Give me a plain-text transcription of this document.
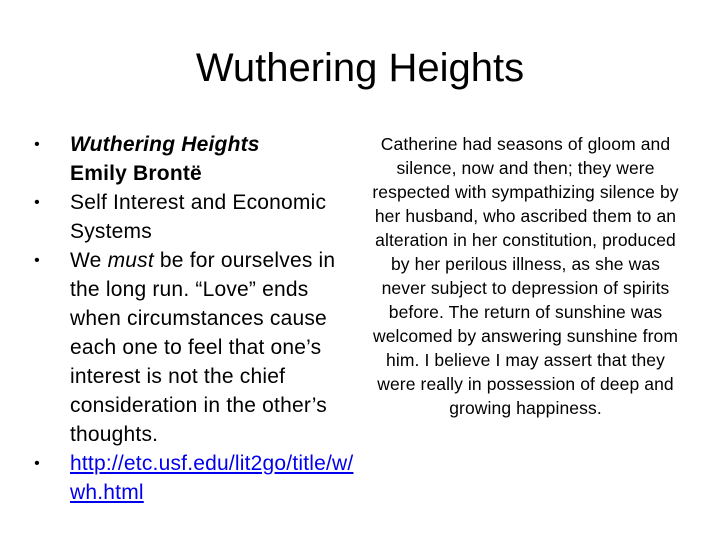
Wuthering Heights
• Wuthering Heights
Emily Brontë
• Self Interest and Economic Systems
• We must be for ourselves in the long run. “Love” ends when circumstances cause each one to feel that one’s interest is not the chief consideration in the other’s thoughts.
• http://etc.usf.edu/lit2go/title/w/wh.html
Catherine had seasons of gloom and silence, now and then; they were respected with sympathizing silence by her husband, who ascribed them to an alteration in her constitution, produced by her perilous illness, as she was never subject to depression of spirits before. The return of sunshine was welcomed by answering sunshine from him. I believe I may assert that they were really in possession of deep and growing happiness.
